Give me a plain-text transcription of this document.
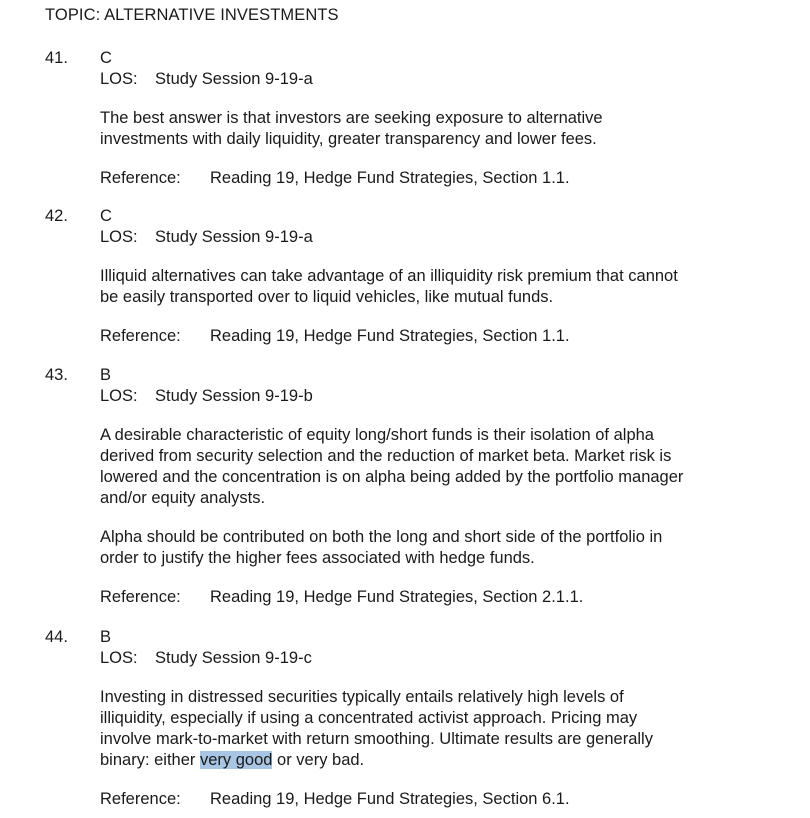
TOPIC: ALTERNATIVE INVESTMENTS
41. C
LOS: Study Session 9-19-a
The best answer is that investors are seeking exposure to alternative
investments with daily liquidity, greater transparency and lower fees.
Reference: Reading 19, Hedge Fund Strategies, Section 1.1.
42. C
LOS: Study Session 9-19-a
Illiquid alternatives can take advantage of an illiquidity risk premium that cannot
be easily transported over to liquid vehicles, like mutual funds.
Reference: Reading 19, Hedge Fund Strategies, Section 1.1.
43. B
LOS: Study Session 9-19-b
A desirable characteristic of equity long/short funds is their isolation of alpha
derived from security selection and the reduction of market beta. Market risk is
lowered and the concentration is on alpha being added by the portfolio manager
and/or equity analysts.
Alpha should be contributed on both the long and short side of the portfolio in
order to justify the higher fees associated with hedge funds.
Reference: Reading 19, Hedge Fund Strategies, Section 2.1.1.
44. B
LOS: Study Session 9-19-c
Investing in distressed securities typically entails relatively high levels of
illiquidity, especially if using a concentrated activist approach. Pricing may
involve mark-to-market with return smoothing. Ultimate results are generally
binary: either very good or very bad.
Reference: Reading 19, Hedge Fund Strategies, Section 6.1.
